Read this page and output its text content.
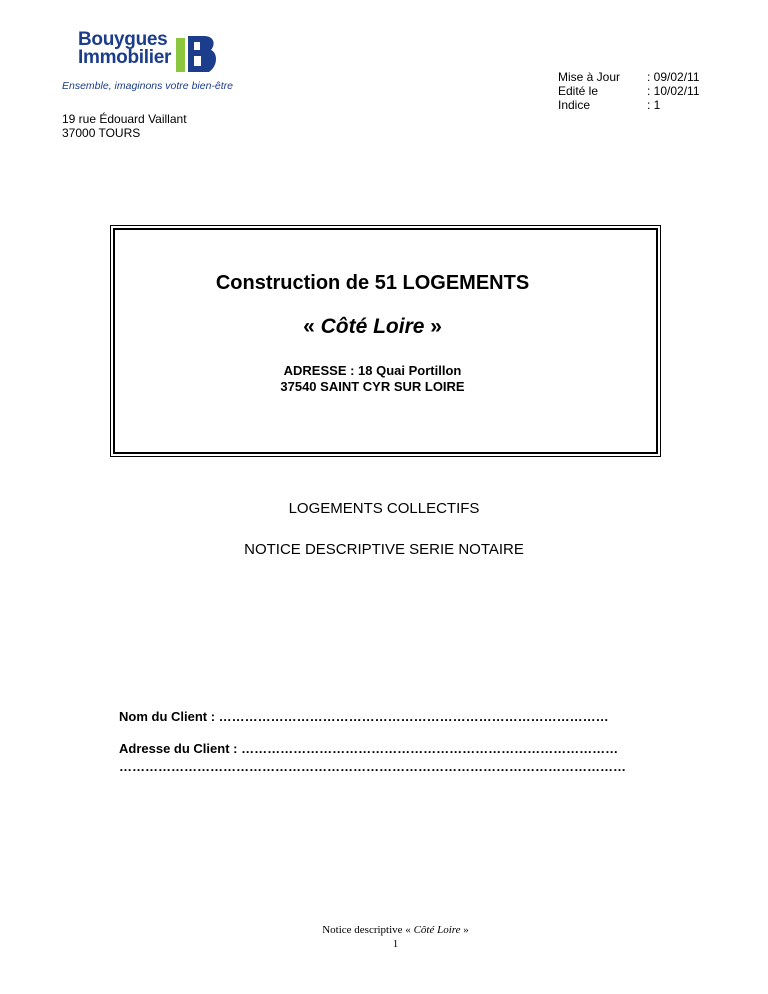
Bouygues
Immobilier
Ensemble, imaginons votre bien-être
Mise à Jour : 09/02/11
Edité le	: 10/02/11
Indice	: 1
19 rue Édouard Vaillant
37000 TOURS
Construction de 51 LOGEMENTS
« Côté Loire »
ADRESSE : 18 Quai Portillon
37540 SAINT CYR SUR LOIRE
LOGEMENTS COLLECTIFS
NOTICE DESCRIPTIVE SERIE NOTAIRE
Nom du Client : ………………………………………………………………………………
Adresse du Client : ……………………………………………………………………………
………………………………………………………………………………………………………
Notice descriptive « Côté Loire »
1
